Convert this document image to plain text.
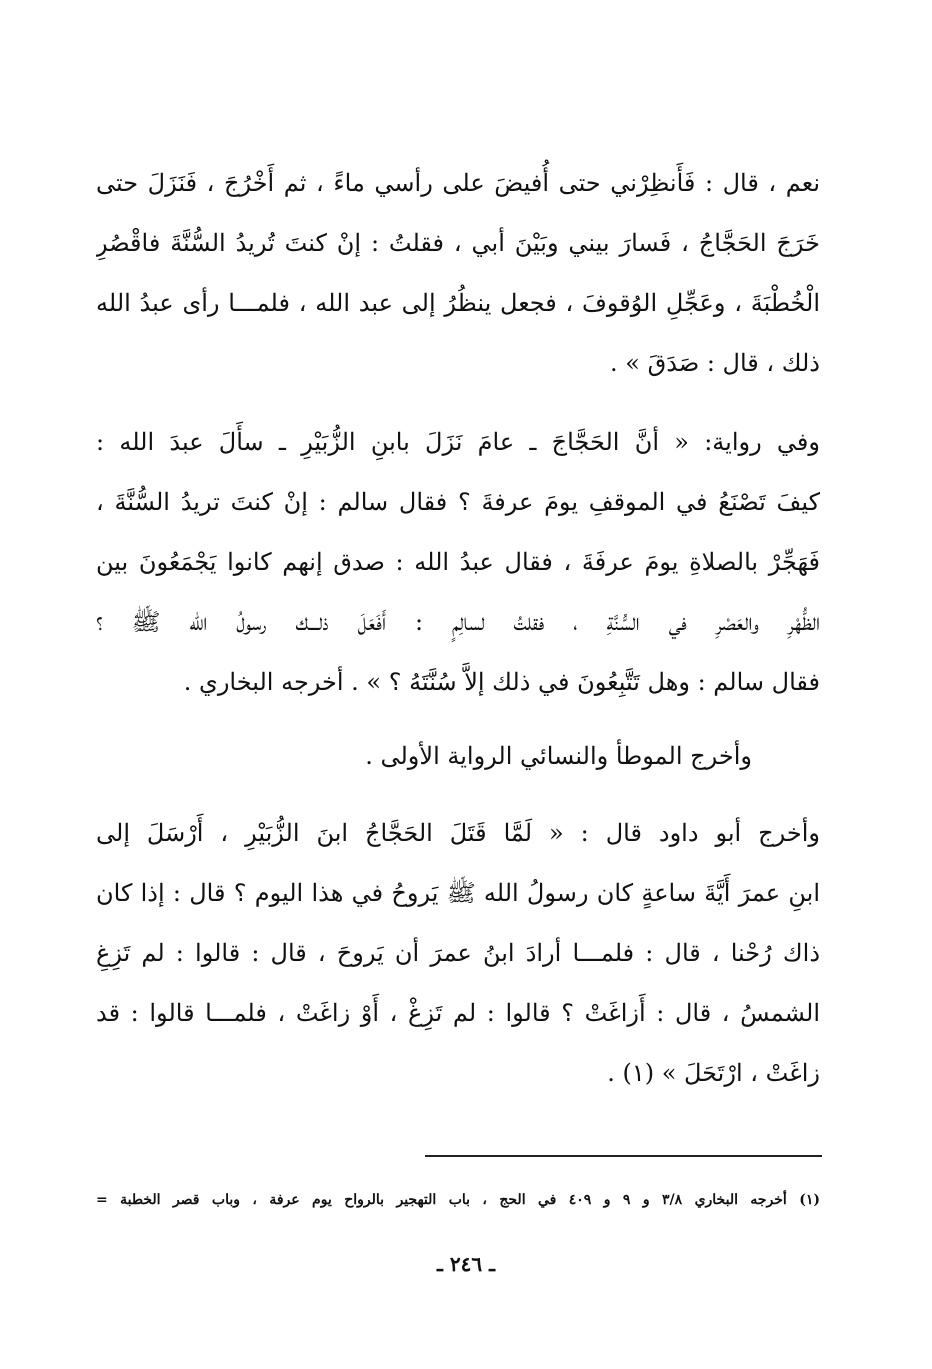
نعم ، قال : فَأَنظِرْني حتى أُفيضَ على رأسي ماءً ، ثم أَخْرُجَ ، فَنَزَلَ حتى
خَرَجَ الحَجَّاجُ ، فَسارَ بيني وبَيْنَ أبي ، فقلتُ : إنْ كنتَ تُريدُ السُّنَّةَ فاقْصُرِ
الْخُطْبَةَ ، وعَجِّلِ الوُقوفَ ، فجعل ينظُرُ إلى عبد الله ، فلمـــا رأى عبدُ الله
ذلك ، قال : صَدَقَ » .
وفي رواية: « أنَّ الحَجَّاجَ ـ عامَ نَزَلَ بابنِ الزُّبَيْرِ ـ سأَلَ عبدَ الله :
كيفَ تَصْنَعُ في الموقفِ يومَ عرفةَ ؟ فقال سالم : إنْ كنتَ تريدُ السُّنَّةَ ،
فَهَجِّرْ بالصلاةِ يومَ عرفَةَ ، فقال عبدُ الله : صدق إنهم كانوا يَجْمَعُونَ بين
الظُّهْرِ والعَصْرِ في السُّنَّةِ ، فقلتُ لسالِمٍ : أَفَعَلَ ذلـــك رسولُ الله ﷺ ؟
فقال سالم : وهل تَتَّبِعُونَ في ذلك إلاَّ سُنَّتَهُ ؟ » . أخرجه البخاري .
وأخرج الموطأ والنسائي الرواية الأولى .
وأخرج أبو داود قال : « لَمَّا قَتَلَ الحَجَّاجُ ابنَ الزُّبَيْرِ ، أَرْسَلَ إلى
ابنِ عمرَ أَيَّةَ ساعةٍ كان رسولُ الله ﷺ يَروحُ في هذا اليوم ؟ قال : إذا كان
ذاك رُحْنا ، قال : فلمـــا أرادَ ابنُ عمرَ أن يَروحَ ، قال : قالوا : لم تَزِغِ
الشمسُ ، قال : أَزاغَتْ ؟ قالوا : لم تَزِغْ ، أَوْ زاغَتْ ، فلمـــا قالوا : قد
زاغَتْ ، ارْتَحَلَ » (١) .
(١) أخرجه البخاري ٣/٨ و ٩ و ٤٠٩ في الحج ، باب التهجير بالرواح يوم عرفة ، وباب قصر الخطبة =
ـ ٢٤٦ ـ
